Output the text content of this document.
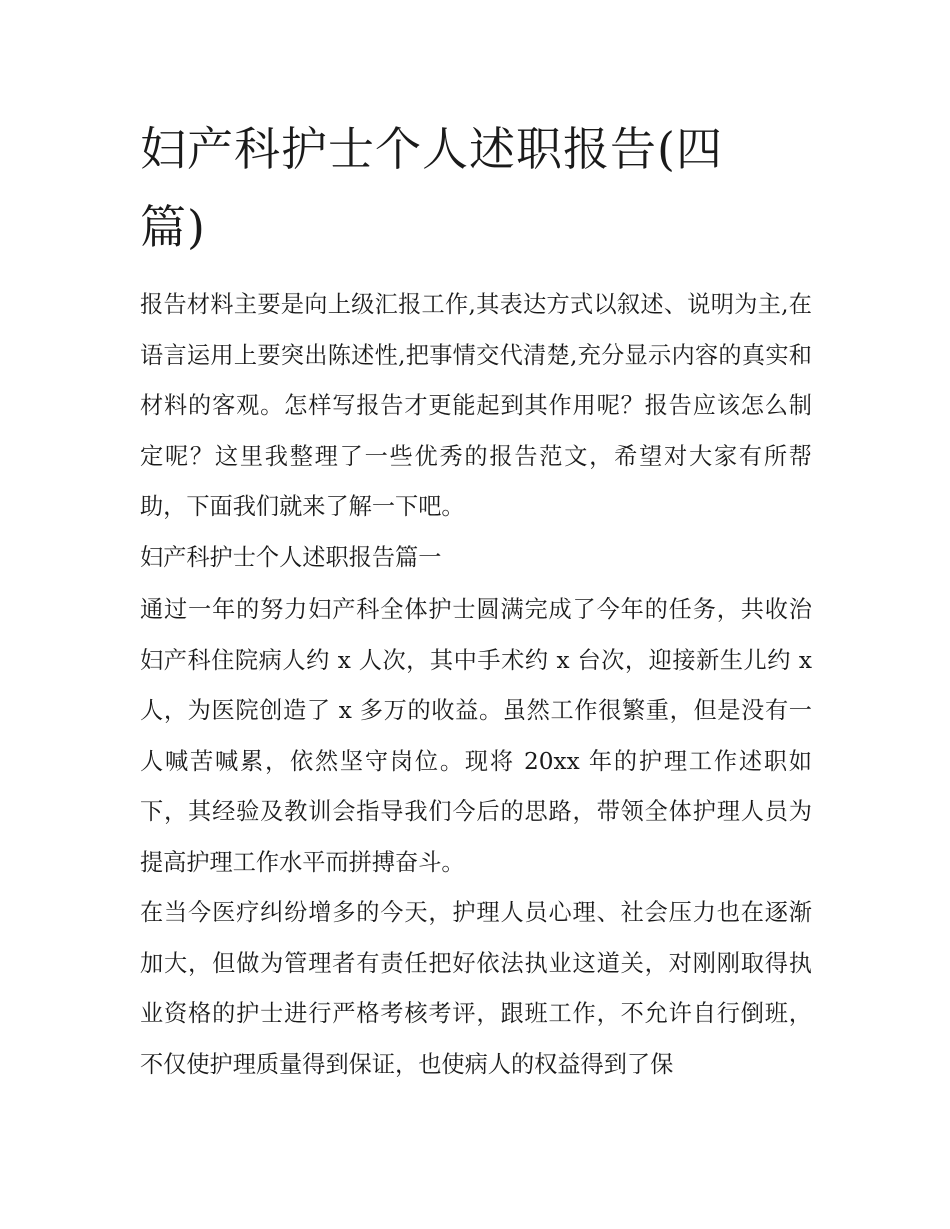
妇产科护士个人述职报告(四篇)

报告材料主要是向上级汇报工作,其表达方式以叙述、说明为主,在语言运用上要突出陈述性,把事情交代清楚,充分显示内容的真实和材料的客观。怎样写报告才更能起到其作用呢？报告应该怎么制定呢？这里我整理了一些优秀的报告范文，希望对大家有所帮助，下面我们就来了解一下吧。

妇产科护士个人述职报告篇一

通过一年的努力妇产科全体护士圆满完成了今年的任务，共收治妇产科住院病人约 x 人次，其中手术约 x 台次，迎接新生儿约 x 人，为医院创造了 x 多万的收益。虽然工作很繁重，但是没有一人喊苦喊累，依然坚守岗位。现将 20xx 年的护理工作述职如下，其经验及教训会指导我们今后的思路，带领全体护理人员为提高护理工作水平而拼搏奋斗。

在当今医疗纠纷增多的今天，护理人员心理、社会压力也在逐渐加大，但做为管理者有责任把好依法执业这道关，对刚刚取得执业资格的护士进行严格考核考评，跟班工作，不允许自行倒班，不仅使护理质量得到保证，也使病人的权益得到了保
